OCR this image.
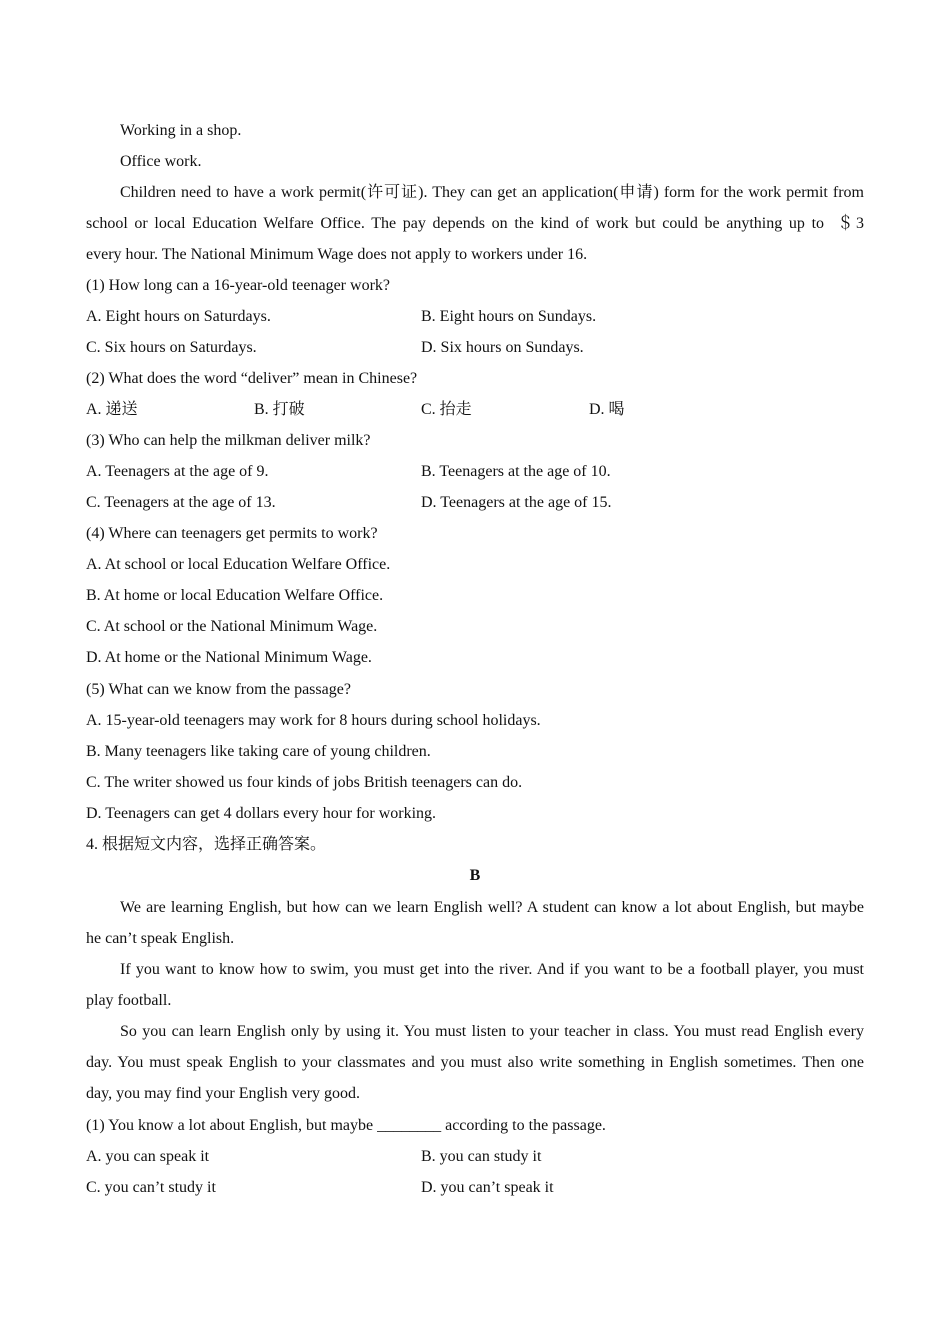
Working in a shop.
Office work.
Children need to have a work permit(许可证). They can get an application(申请) form for the work permit from
school or local Education Welfare Office. The pay depends on the kind of work but could be anything up to  ＄3
every hour. The National Minimum Wage does not apply to workers under 16.
(1) How long can a 16-year-old teenager work?
A. Eight hours on Saturdays.	B. Eight hours on Sundays.
C. Six hours on Saturdays.	D. Six hours on Sundays.
(2) What does the word “deliver” mean in Chinese?
A. 递送	B. 打破	C. 抬走	D. 喝
(3) Who can help the milkman deliver milk?
A. Teenagers at the age of 9.	B. Teenagers at the age of 10.
C. Teenagers at the age of 13.	D. Teenagers at the age of 15.
(4) Where can teenagers get permits to work?
A. At school or local Education Welfare Office.
B. At home or local Education Welfare Office.
C. At school or the National Minimum Wage.
D. At home or the National Minimum Wage.
(5) What can we know from the passage?
A. 15-year-old teenagers may work for 8 hours during school holidays.
B. Many teenagers like taking care of young children.
C. The writer showed us four kinds of jobs British teenagers can do.
D. Teenagers can get 4 dollars every hour for working.
4. 根据短文内容，选择正确答案。
B
We are learning English, but how can we learn English well? A student can know a lot about English, but maybe
he can’t speak English.
If you want to know how to swim, you must get into the river. And if you want to be a football player, you must
play football.
So you can learn English only by using it. You must listen to your teacher in class. You must read English every
day. You must speak English to your classmates and you must also write something in English sometimes. Then one
day, you may find your English very good.
(1) You know a lot about English, but maybe ________ according to the passage.
A. you can speak it	B. you can study it
C. you can’t study it	D. you can’t speak it
